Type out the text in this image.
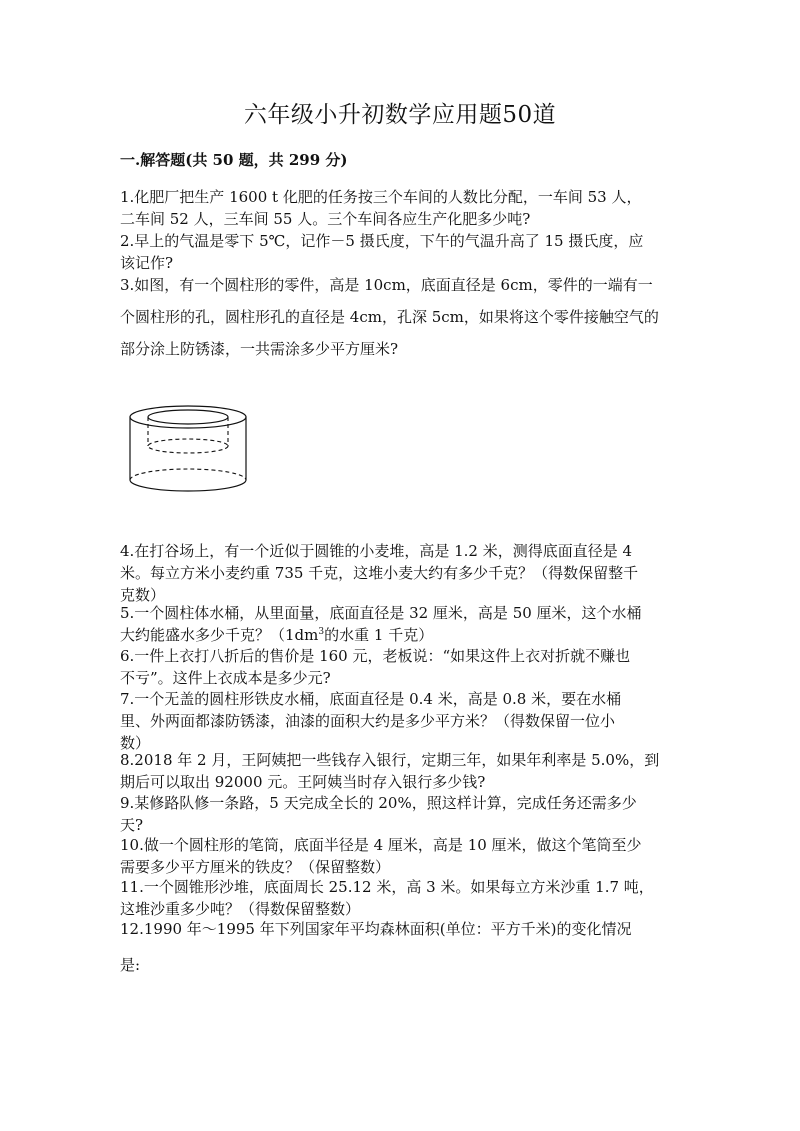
六年级小升初数学应用题50道
一.解答题(共 50 题，共 299 分)
1.化肥厂把生产 1600 t 化肥的任务按三个车间的人数比分配，一车间 53 人，
二车间 52 人，三车间 55 人。三个车间各应生产化肥多少吨?
2.早上的气温是零下 5℃，记作－5 摄氏度，下午的气温升高了 15 摄氏度，应
该记作?
3.如图，有一个圆柱形的零件，高是 10cm，底面直径是 6cm，零件的一端有一
个圆柱形的孔，圆柱形孔的直径是 4cm，孔深 5cm，如果将这个零件接触空气的
部分涂上防锈漆，一共需涂多少平方厘米?
4.在打谷场上，有一个近似于圆锥的小麦堆，高是 1.2 米，测得底面直径是 4
米。每立方米小麦约重 735 千克，这堆小麦大约有多少千克？（得数保留整千
克数）
5.一个圆柱体水桶，从里面量，底面直径是 32 厘米，高是 50 厘米，这个水桶
大约能盛水多少千克？（$1dm^3$的水重 1 千克）
6.一件上衣打八折后的售价是 160 元，老板说：“如果这件上衣对折就不赚也
不亏”。这件上衣成本是多少元?
7.一个无盖的圆柱形铁皮水桶，底面直径是 0.4 米，高是 0.8 米，要在水桶
里、外两面都漆防锈漆，油漆的面积大约是多少平方米？（得数保留一位小
数）
8.2018 年 2 月，王阿姨把一些钱存入银行，定期三年，如果年利率是 5.0%，到
期后可以取出 92000 元。王阿姨当时存入银行多少钱?
9.某修路队修一条路，5 天完成全长的 20%，照这样计算，完成任务还需多少
天?
10.做一个圆柱形的笔筒，底面半径是 4 厘米，高是 10 厘米，做这个笔筒至少
需要多少平方厘米的铁皮？（保留整数）
11.一个圆锥形沙堆，底面周长 25.12 米，高 3 米。如果每立方米沙重 1.7 吨，
这堆沙重多少吨？（得数保留整数）
12.1990 年～1995 年下列国家年平均森林面积(单位：平方千米)的变化情况
是:
